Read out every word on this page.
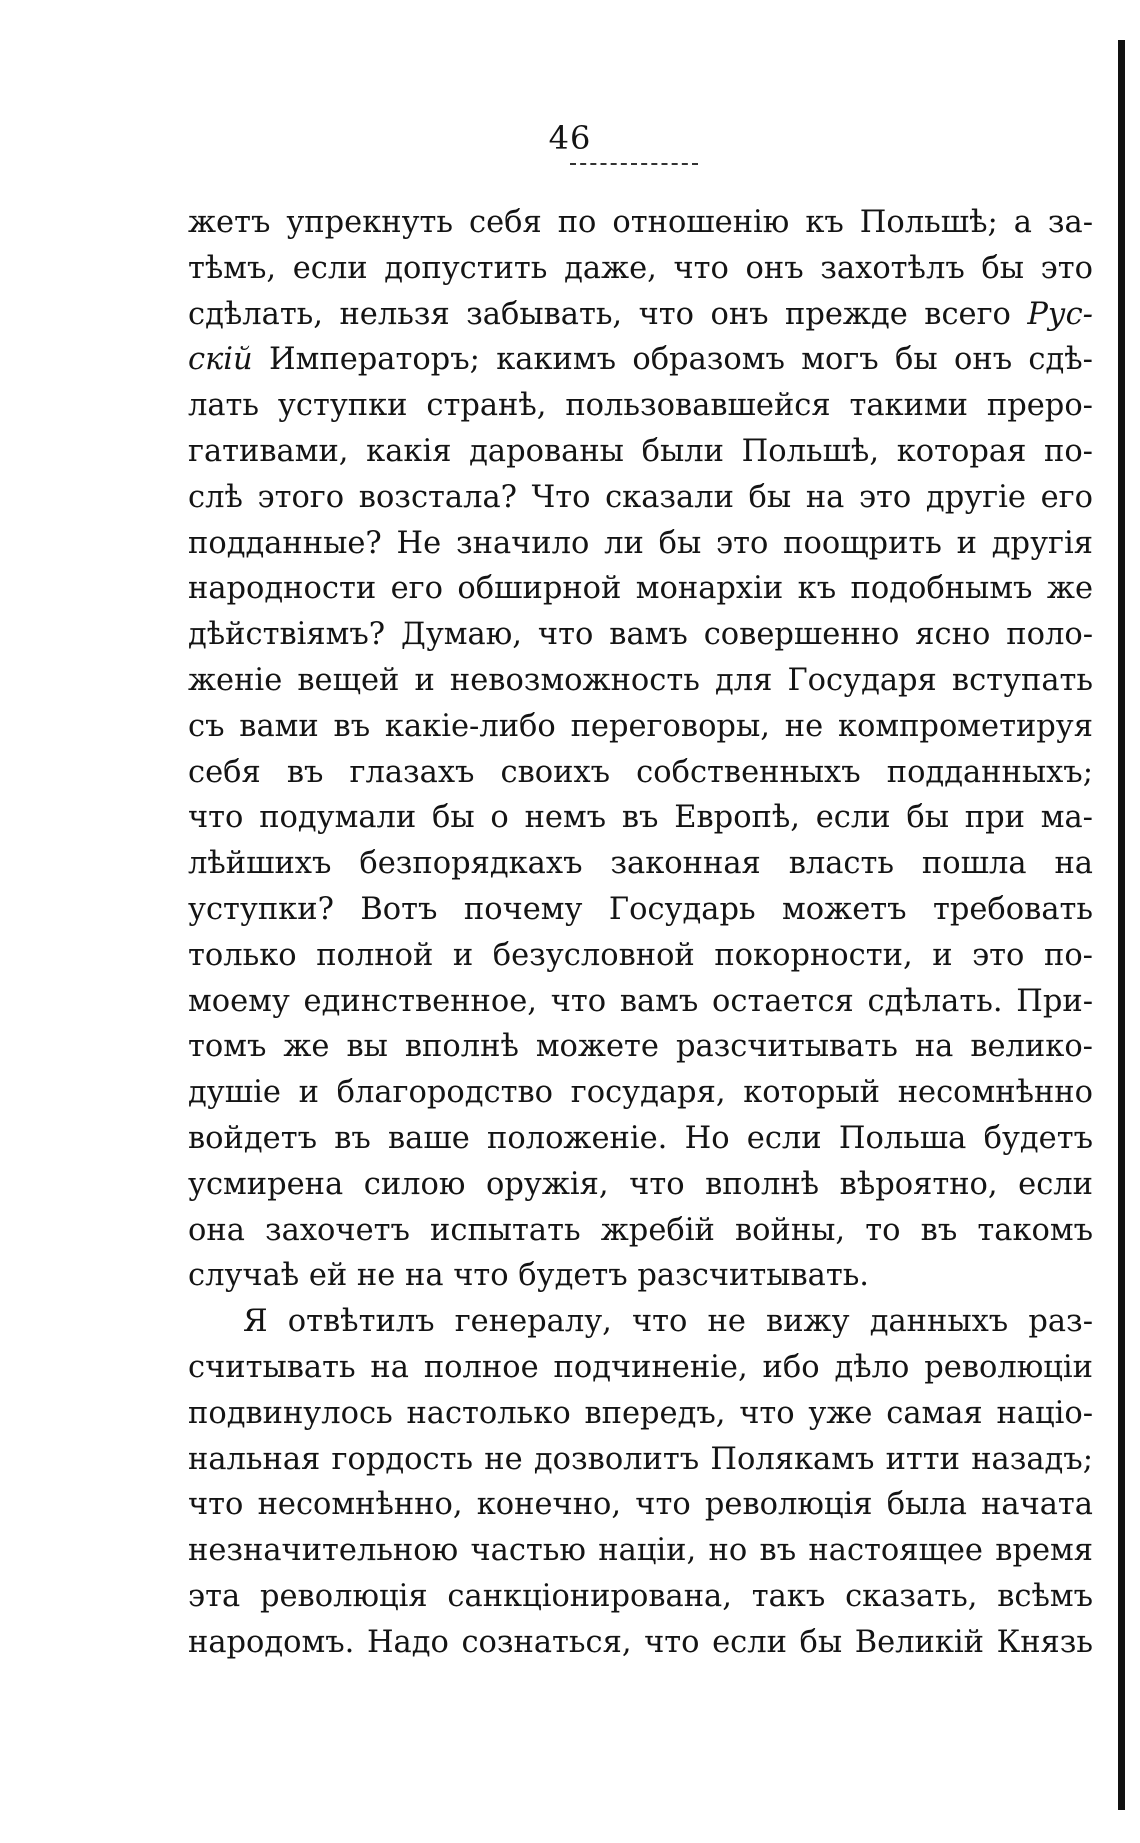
46
жетъ упрекнуть себя по отношенію къ Польшѣ; а за-
тѣмъ, если допустить даже, что онъ захотѣлъ бы это
сдѣлать, нельзя забывать, что онъ прежде всего Рус-
скій Императоръ; какимъ образомъ могъ бы онъ сдѣ-
лать уступки странѣ, пользовавшейся такими преро-
гативами, какія дарованы были Польшѣ, которая по-
слѣ этого возстала? Что сказали бы на это другіе его
подданные? Не значило ли бы это поощрить и другія
народности его обширной монархіи къ подобнымъ же
дѣйствіямъ? Думаю, что вамъ совершенно ясно поло-
женіе вещей и невозможность для Государя вступать
съ вами въ какіе-либо переговоры, не компрометируя
себя въ глазахъ своихъ собственныхъ подданныхъ;
что подумали бы о немъ въ Европѣ, если бы при ма-
лѣйшихъ безпорядкахъ законная власть пошла на
уступки? Вотъ почему Государь можетъ требовать
только полной и безусловной покорности, и это по-
моему единственное, что вамъ остается сдѣлать. При-
томъ же вы вполнѣ можете разсчитывать на велико-
душіе и благородство государя, который несомнѣнно
войдетъ въ ваше положеніе. Но если Польша будетъ
усмирена силою оружія, что вполнѣ вѣроятно, если
она захочетъ испытать жребій войны, то въ такомъ
случаѣ ей не на что будетъ разсчитывать.
Я отвѣтилъ генералу, что не вижу данныхъ раз-
считывать на полное подчиненіе, ибо дѣло революціи
подвинулось настолько впередъ, что уже самая націо-
нальная гордость не дозволитъ Полякамъ итти назадъ;
что несомнѣнно, конечно, что революція была начата
незначительною частью націи, но въ настоящее время
эта революція санкціонирована, такъ сказать, всѣмъ
народомъ. Надо сознаться, что если бы Великій Князь
